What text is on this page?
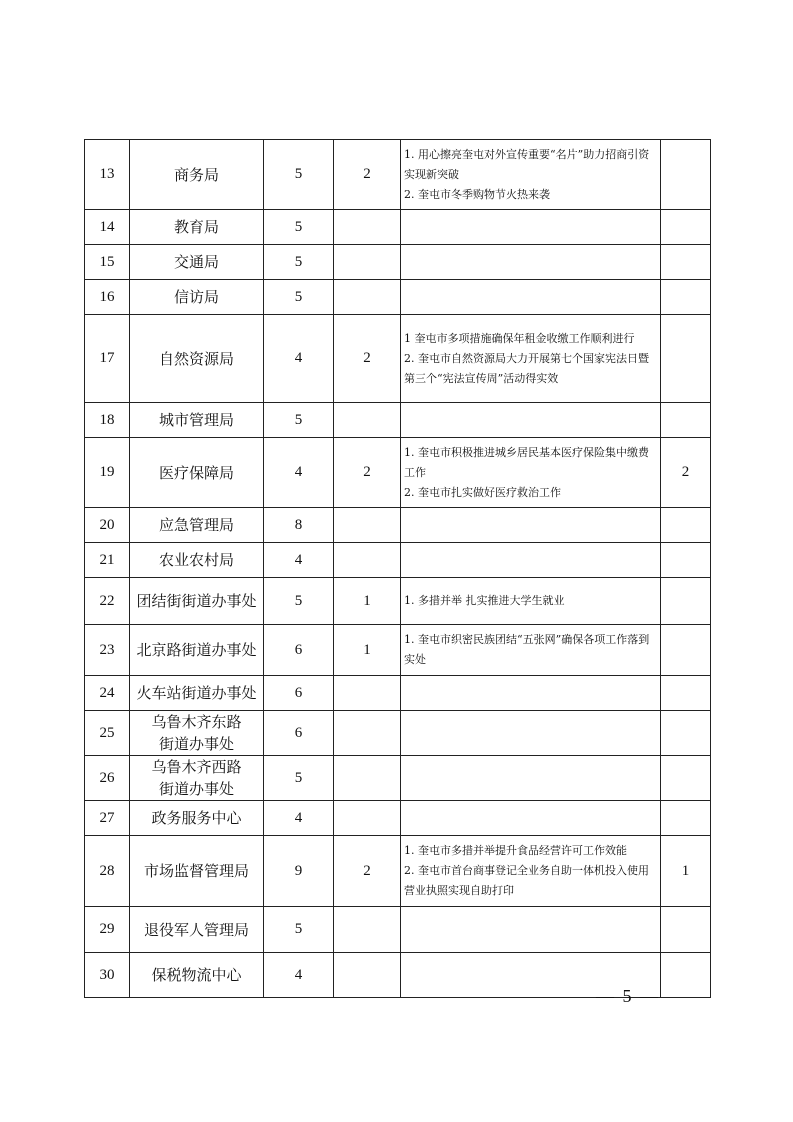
13	商务局	5	2	1. 用心擦亮奎屯对外宣传重要“名片”助力招商引资实现新突破
2. 奎屯市冬季购物节火热来袭	

14	教育局	5			
15	交通局	5			
16	信访局	5			
17	自然资源局	4	2	1 奎屯市多项措施确保年租金收缴工作顺利进行
2. 奎屯市自然资源局大力开展第七个国家宪法日暨第三个“宪法宣传周”活动得实效	

18	城市管理局	5			
19	医疗保障局	4	2	1. 奎屯市积极推进城乡居民基本医疗保险集中缴费工作
2. 奎屯市扎实做好医疗救治工作	2
20	应急管理局	8			
21	农业农村局	4			
22	团结街街道办事处	5	1	1. 多措并举 扎实推进大学生就业	

23	北京路街道办事处	6	1	1. 奎屯市织密民族团结“五张网”确保各项工作落到实处	

24	火车站街道办事处	6			
25	乌鲁木齐东路
街道办事处	6			
26	乌鲁木齐西路
街道办事处	5			
27	政务服务中心	4			
28	市场监督管理局	9	2	1. 奎屯市多措并举提升食品经营许可工作效能
2. 奎屯市首台商事登记全业务自助一体机投入使用 营业执照实现自助打印	1
29	退役军人管理局	5			
30	保税物流中心	4			
— 5 —
